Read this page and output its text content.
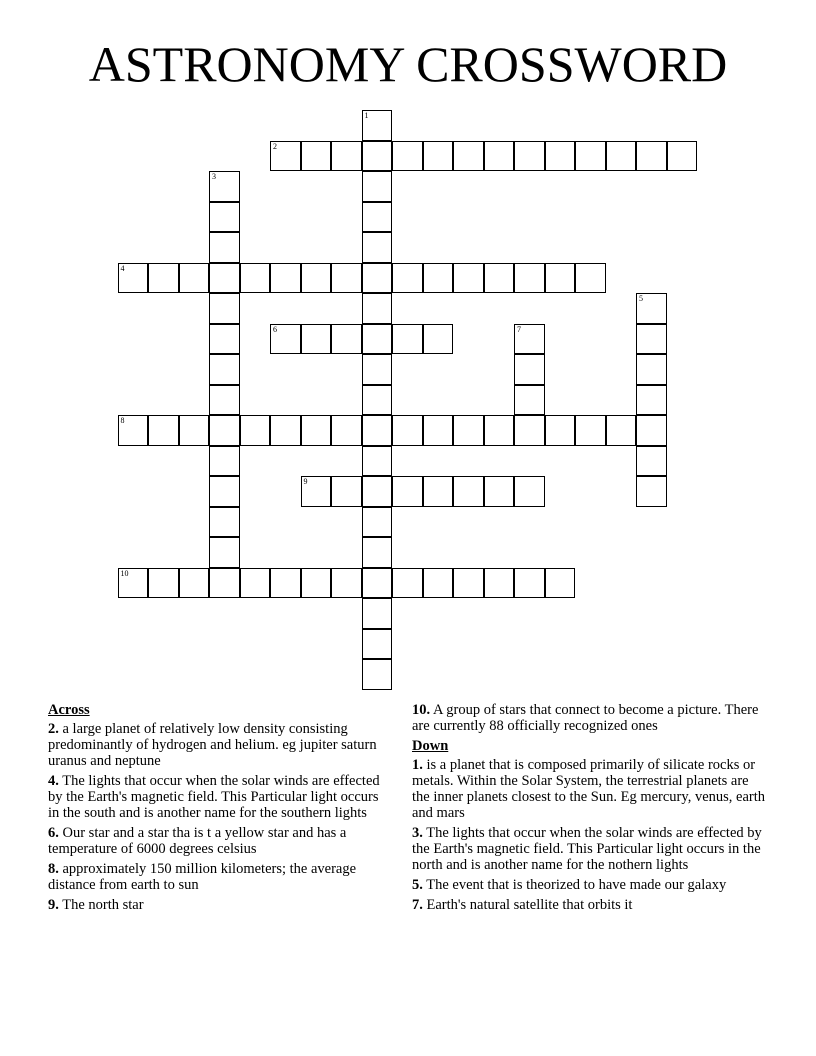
ASTRONOMY CROSSWORD
1
2
3
4
5
6	7
8
9
10
Across
2. a large planet of relatively low density consisting predominantly of hydrogen and helium. eg jupiter saturn uranus and neptune
4. The lights that occur when the solar winds are effected by the Earth's magnetic field. This Particular light occurs in the south and is another name for the southern lights
6. Our star and a star tha is t a yellow star and has a temperature of 6000 degrees celsius
8. approximately 150 million kilometers; the average distance from earth to sun
9. The north star
10. A group of stars that connect to become a picture. There are currently 88 officially recognized ones
Down
1. is a planet that is composed primarily of silicate rocks or metals. Within the Solar System, the terrestrial planets are the inner planets closest to the Sun. Eg mercury, venus, earth and mars
3. The lights that occur when the solar winds are effected by the Earth's magnetic field. This Particular light occurs in the north and is another name for the nothern lights
5. The event that is theorized to have made our galaxy
7. Earth's natural satellite that orbits it
